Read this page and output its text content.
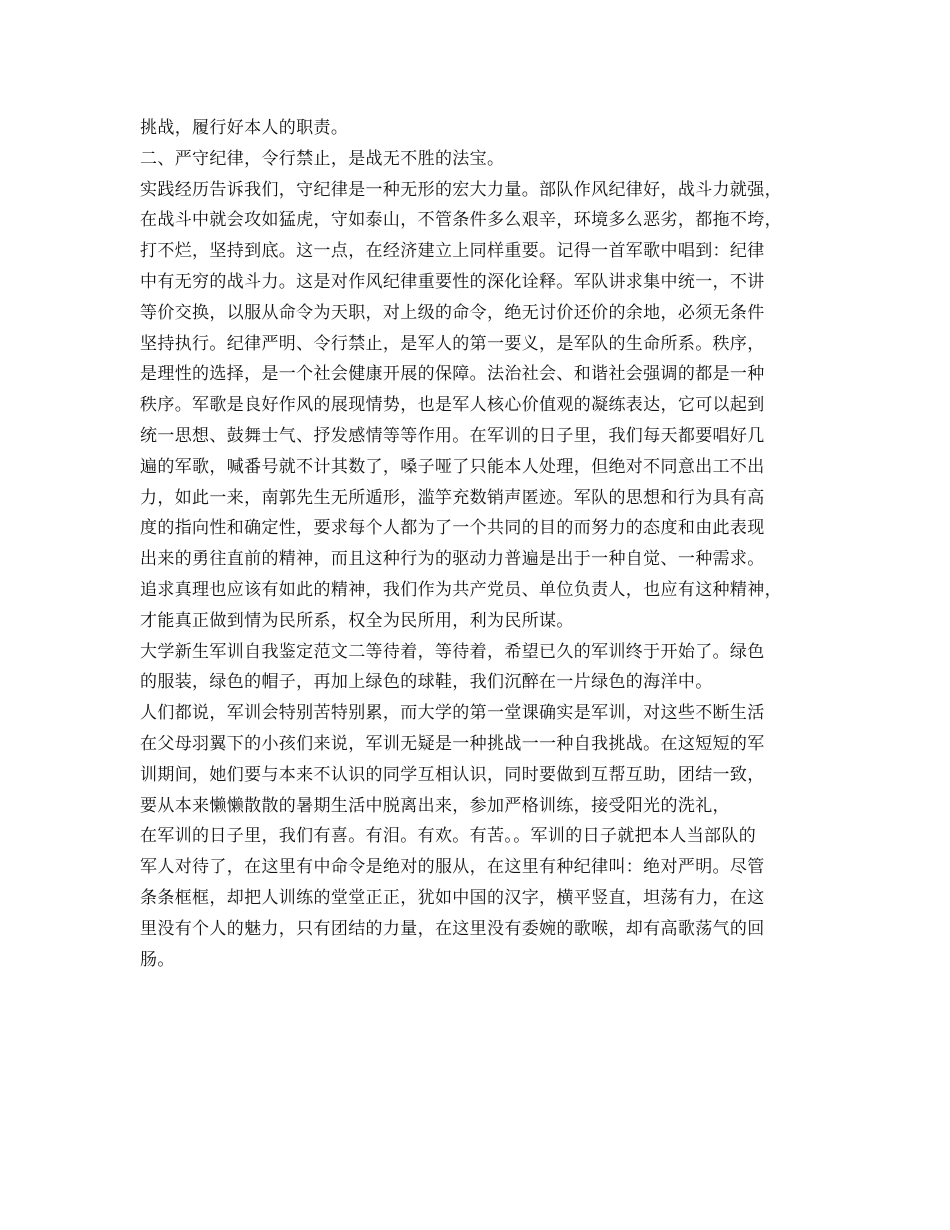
挑战，履行好本人的职责。
二、严守纪律，令行禁止，是战无不胜的法宝。
实践经历告诉我们，守纪律是一种无形的宏大力量。部队作风纪律好，战斗力就强，
在战斗中就会攻如猛虎，守如泰山，不管条件多么艰辛，环境多么恶劣，都拖不垮，
打不烂，坚持到底。这一点，在经济建立上同样重要。记得一首军歌中唱到：纪律
中有无穷的战斗力。这是对作风纪律重要性的深化诠释。军队讲求集中统一，不讲
等价交换，以服从命令为天职，对上级的命令，绝无讨价还价的余地，必须无条件
坚持执行。纪律严明、令行禁止，是军人的第一要义，是军队的生命所系。秩序，
是理性的选择，是一个社会健康开展的保障。法治社会、和谐社会强调的都是一种
秩序。军歌是良好作风的展现情势，也是军人核心价值观的凝练表达，它可以起到
统一思想、鼓舞士气、抒发感情等等作用。在军训的日子里，我们每天都要唱好几
遍的军歌，喊番号就不计其数了，嗓子哑了只能本人处理，但绝对不同意出工不出
力，如此一来，南郭先生无所遁形，滥竽充数销声匿迹。军队的思想和行为具有高
度的指向性和确定性，要求每个人都为了一个共同的目的而努力的态度和由此表现
出来的勇往直前的精神，而且这种行为的驱动力普遍是出于一种自觉、一种需求。
追求真理也应该有如此的精神，我们作为共产党员、单位负责人，也应有这种精神，
才能真正做到情为民所系，权全为民所用，利为民所谋。
大学新生军训自我鉴定范文二等待着，等待着，希望已久的军训终于开始了。绿色
的服装，绿色的帽子，再加上绿色的球鞋，我们沉醉在一片绿色的海洋中。
人们都说，军训会特别苦特别累，而大学的第一堂课确实是军训，对这些不断生活
在父母羽翼下的小孩们来说，军训无疑是一种挑战一一种自我挑战。在这短短的军
训期间，她们要与本来不认识的同学互相认识，同时要做到互帮互助，团结一致，
要从本来懒懒散散的暑期生活中脱离出来，参加严格训练，接受阳光的洗礼，
在军训的日子里，我们有喜。有泪。有欢。有苦。。军训的日子就把本人当部队的
军人对待了，在这里有中命令是绝对的服从，在这里有种纪律叫：绝对严明。尽管
条条框框，却把人训练的堂堂正正，犹如中国的汉字，横平竖直，坦荡有力，在这
里没有个人的魅力，只有团结的力量，在这里没有委婉的歌喉，却有高歌荡气的回
肠。
